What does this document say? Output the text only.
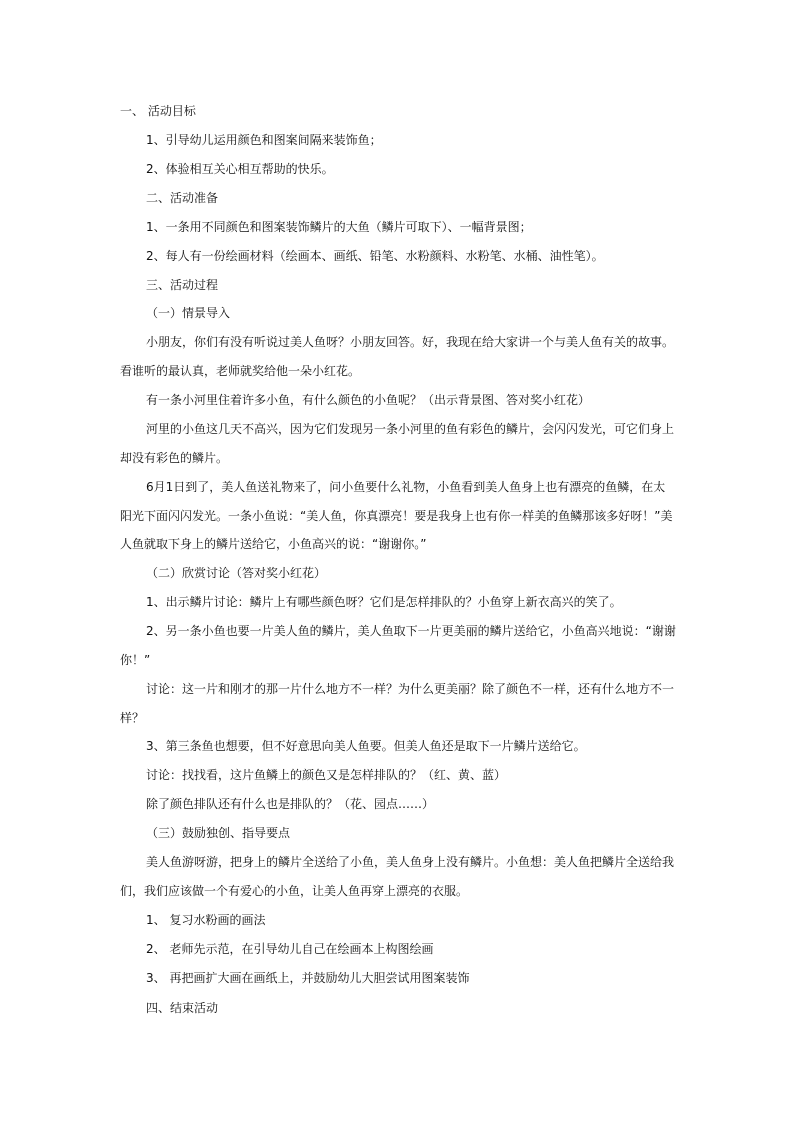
一、 活动目标
1、引导幼儿运用颜色和图案间隔来装饰鱼；
2、体验相互关心相互帮助的快乐。
二、活动准备
1、一条用不同颜色和图案装饰鳞片的大鱼（鳞片可取下）、一幅背景图；
2、每人有一份绘画材料（绘画本、画纸、铅笔、水粉颜料、水粉笔、水桶、油性笔）。
三、活动过程
（一）情景导入
小朋友，你们有没有听说过美人鱼呀？小朋友回答。好，我现在给大家讲一个与美人鱼有关的故事。
看谁听的最认真，老师就奖给他一朵小红花。
有一条小河里住着许多小鱼，有什么颜色的小鱼呢？（出示背景图、答对奖小红花）
河里的小鱼这几天不高兴，因为它们发现另一条小河里的鱼有彩色的鳞片，会闪闪发光，可它们身上
却没有彩色的鳞片。
6月1日到了，美人鱼送礼物来了，问小鱼要什么礼物，小鱼看到美人鱼身上也有漂亮的鱼鳞，在太
阳光下面闪闪发光。一条小鱼说：“美人鱼，你真漂亮！要是我身上也有你一样美的鱼鳞那该多好呀！”美
人鱼就取下身上的鳞片送给它，小鱼高兴的说：“谢谢你。”
（二）欣赏讨论（答对奖小红花）
1、出示鳞片讨论：鳞片上有哪些颜色呀？它们是怎样排队的？小鱼穿上新衣高兴的笑了。
2、另一条小鱼也要一片美人鱼的鳞片，美人鱼取下一片更美丽的鳞片送给它，小鱼高兴地说：“谢谢
你！”
讨论：这一片和刚才的那一片什么地方不一样？为什么更美丽？除了颜色不一样，还有什么地方不一
样？
3、第三条鱼也想要，但不好意思向美人鱼要。但美人鱼还是取下一片鳞片送给它。
讨论：找找看，这片鱼鳞上的颜色又是怎样排队的？（红、黄、蓝）
除了颜色排队还有什么也是排队的？（花、园点……）
（三）鼓励独创、指导要点
美人鱼游呀游，把身上的鳞片全送给了小鱼，美人鱼身上没有鳞片。小鱼想：美人鱼把鳞片全送给我
们，我们应该做一个有爱心的小鱼，让美人鱼再穿上漂亮的衣服。
1、 复习水粉画的画法
2、 老师先示范，在引导幼儿自己在绘画本上构图绘画
3、 再把画扩大画在画纸上，并鼓励幼儿大胆尝试用图案装饰
四、结束活动
